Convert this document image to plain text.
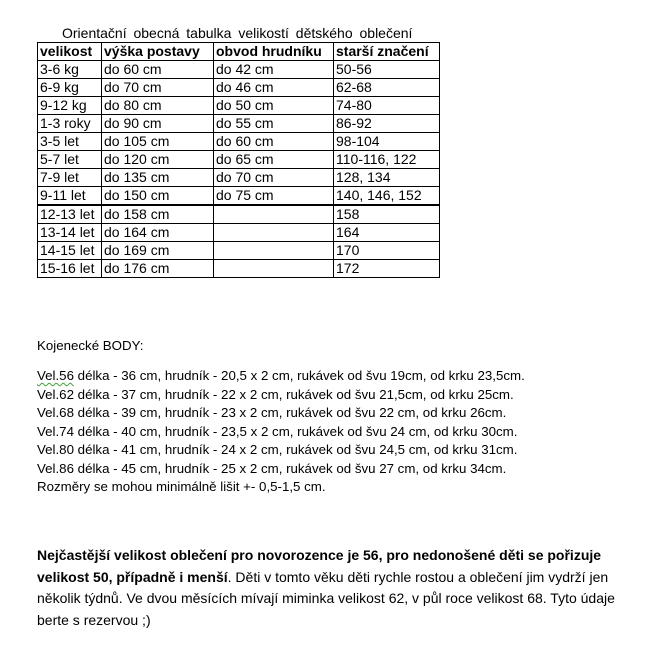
Orientační obecná tabulka velikostí dětského oblečení
velikost	výška postavy	obvod hrudníku	starší značení
3-6 kg	do 60 cm	do 42 cm	50-56
6-9 kg	do 70 cm	do 46 cm	62-68
9-12 kg	do 80 cm	do 50 cm	74-80
1-3 roky	do 90 cm	do 55 cm	86-92
3-5 let	do 105 cm	do 60 cm	98-104
5-7 let	do 120 cm	do 65 cm	110-116, 122
7-9 let	do 135 cm	do 70 cm	128, 134
9-11 let	do 150 cm	do 75 cm	140, 146, 152
12-13 let	do 158 cm		158
13-14 let	do 164 cm		164
14-15 let	do 169 cm		170
15-16 let	do 176 cm		172
Kojenecké BODY:
Vel.56 délka - 36 cm, hrudník - 20,5 x 2 cm, rukávek od švu 19cm, od krku 23,5cm.
Vel.62 délka - 37 cm, hrudník - 22 x 2 cm, rukávek od švu 21,5cm, od krku 25cm.
Vel.68 délka - 39 cm, hrudník - 23 x 2 cm, rukávek od švu 22 cm, od krku 26cm.
Vel.74 délka - 40 cm, hrudník - 23,5 x 2 cm, rukávek od švu 24 cm, od krku 30cm.
Vel.80 délka - 41 cm, hrudník - 24 x 2 cm, rukávek od švu 24,5 cm, od krku 31cm.
Vel.86 délka - 45 cm, hrudník - 25 x 2 cm, rukávek od švu 27 cm, od krku 34cm.
Rozměry se mohou minimálně lišit +- 0,5-1,5 cm.
Nejčastější velikost oblečení pro novorozence je 56, pro nedonošené děti se pořizuje velikost 50, případně i menší. Děti v tomto věku děti rychle rostou a oblečení jim vydrží jen několik týdnů. Ve dvou měsících mívají miminka velikost 62, v půl roce velikost 68. Tyto údaje berte s rezervou ;)
